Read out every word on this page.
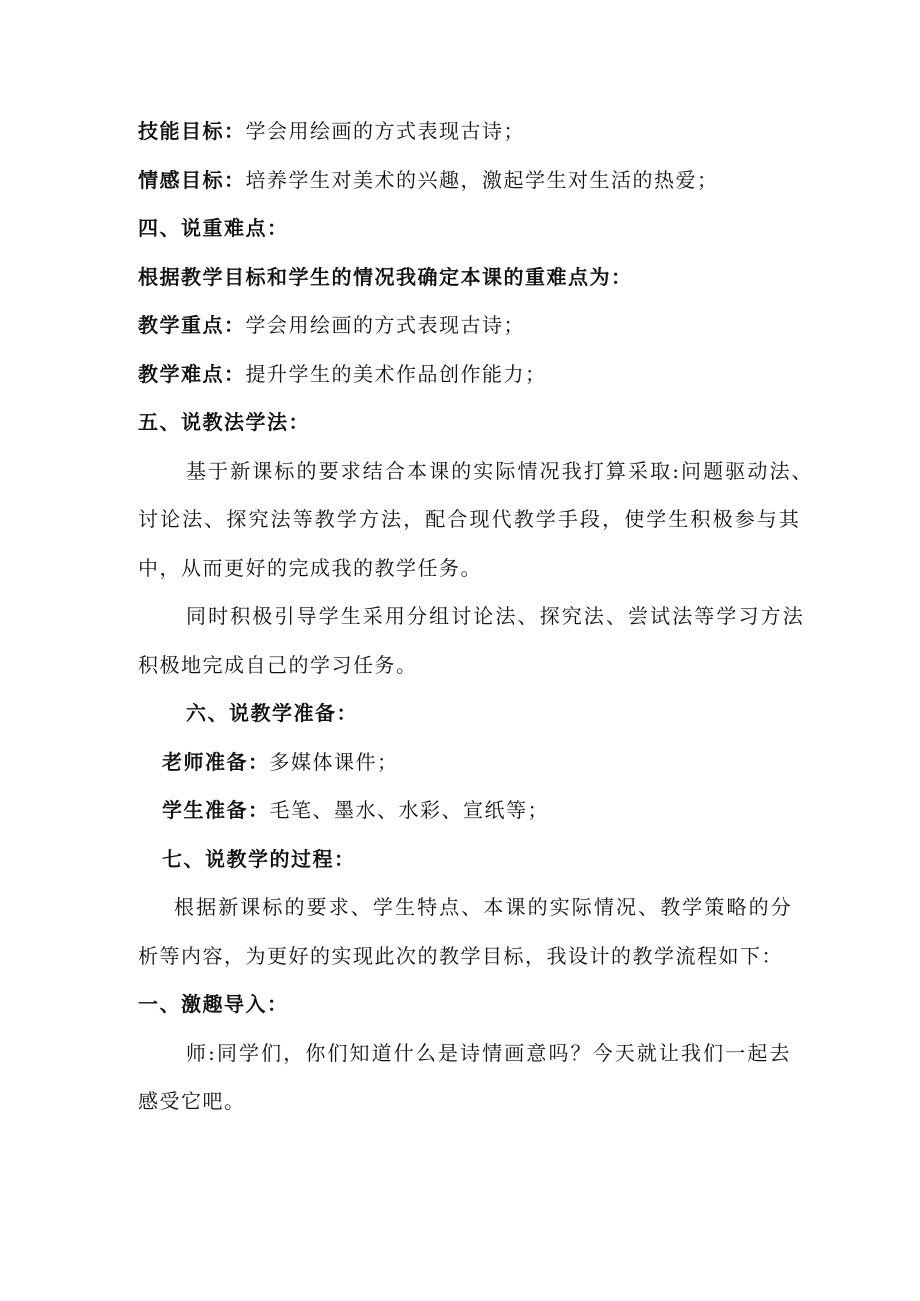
技能目标：学会用绘画的方式表现古诗；
情感目标：培养学生对美术的兴趣，激起学生对生活的热爱；
四、说重难点：
根据教学目标和学生的情况我确定本课的重难点为：
教学重点：学会用绘画的方式表现古诗；
教学难点：提升学生的美术作品创作能力；
五、说教法学法：
基于新课标的要求结合本课的实际情况我打算采取:问题驱动法、
讨论法、探究法等教学方法，配合现代教学手段，使学生积极参与其
中，从而更好的完成我的教学任务。
同时积极引导学生采用分组讨论法、探究法、尝试法等学习方法
积极地完成自己的学习任务。
六、说教学准备：
老师准备：多媒体课件；
学生准备：毛笔、墨水、水彩、宣纸等；
七、说教学的过程：
根据新课标的要求、学生特点、本课的实际情况、教学策略的分
析等内容，为更好的实现此次的教学目标，我设计的教学流程如下：
一、激趣导入：
师:同学们，你们知道什么是诗情画意吗？今天就让我们一起去
感受它吧。
